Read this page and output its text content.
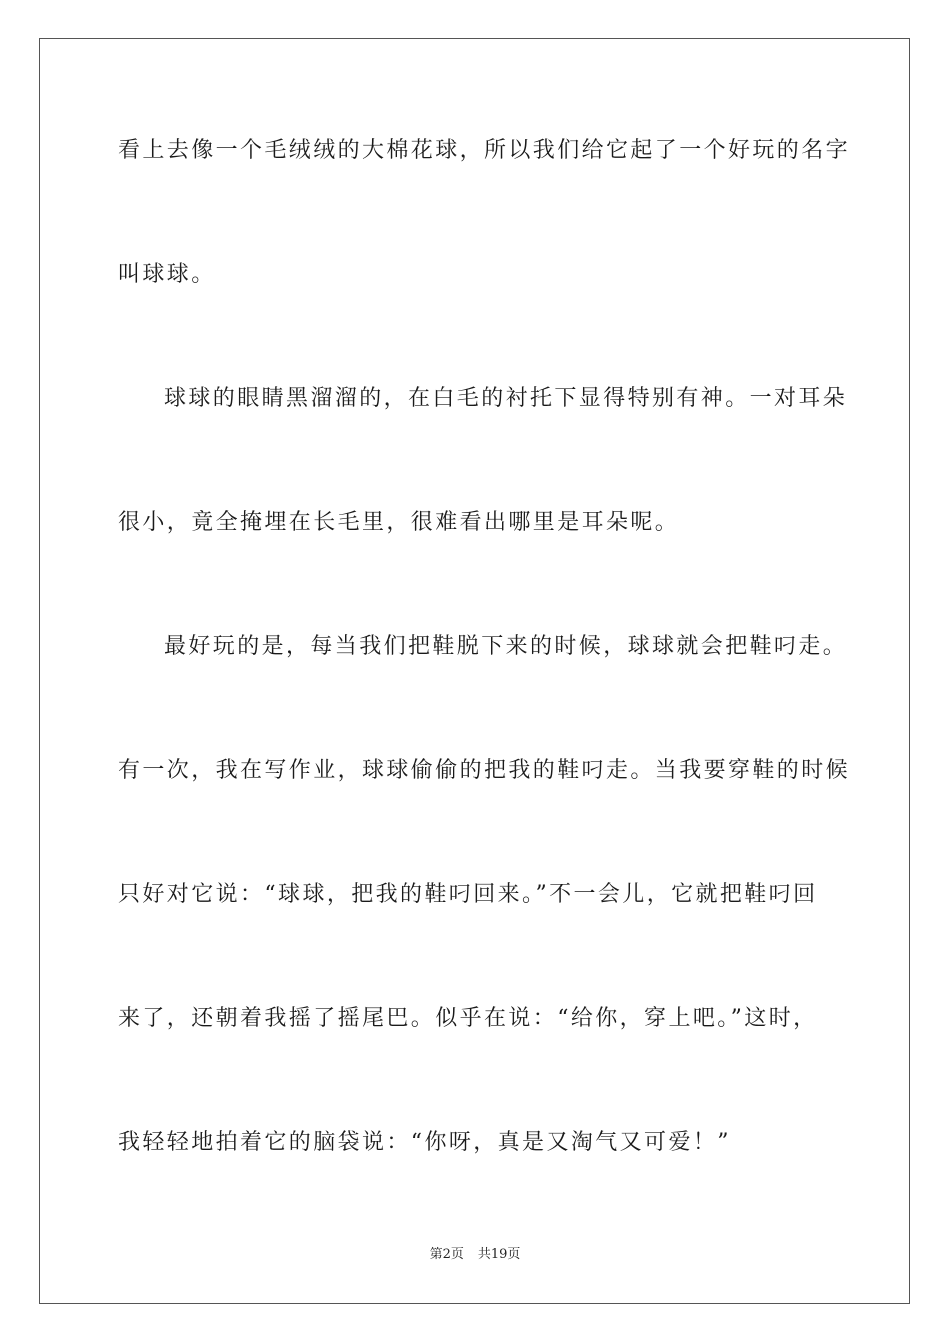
看上去像一个毛绒绒的大棉花球，所以我们给它起了一个好玩的名字
叫球球。
球球的眼睛黑溜溜的，在白毛的衬托下显得特别有神。一对耳朵
很小，竟全掩埋在长毛里，很难看出哪里是耳朵呢。
最好玩的是，每当我们把鞋脱下来的时候，球球就会把鞋叼走。
有一次，我在写作业，球球偷偷的把我的鞋叼走。当我要穿鞋的时候
只好对它说：“球球，把我的鞋叼回来。”不一会儿，它就把鞋叼回
来了，还朝着我摇了摇尾巴。似乎在说：“给你，穿上吧。”这时，
我轻轻地拍着它的脑袋说：“你呀，真是又淘气又可爱！”
第2页 共19页
